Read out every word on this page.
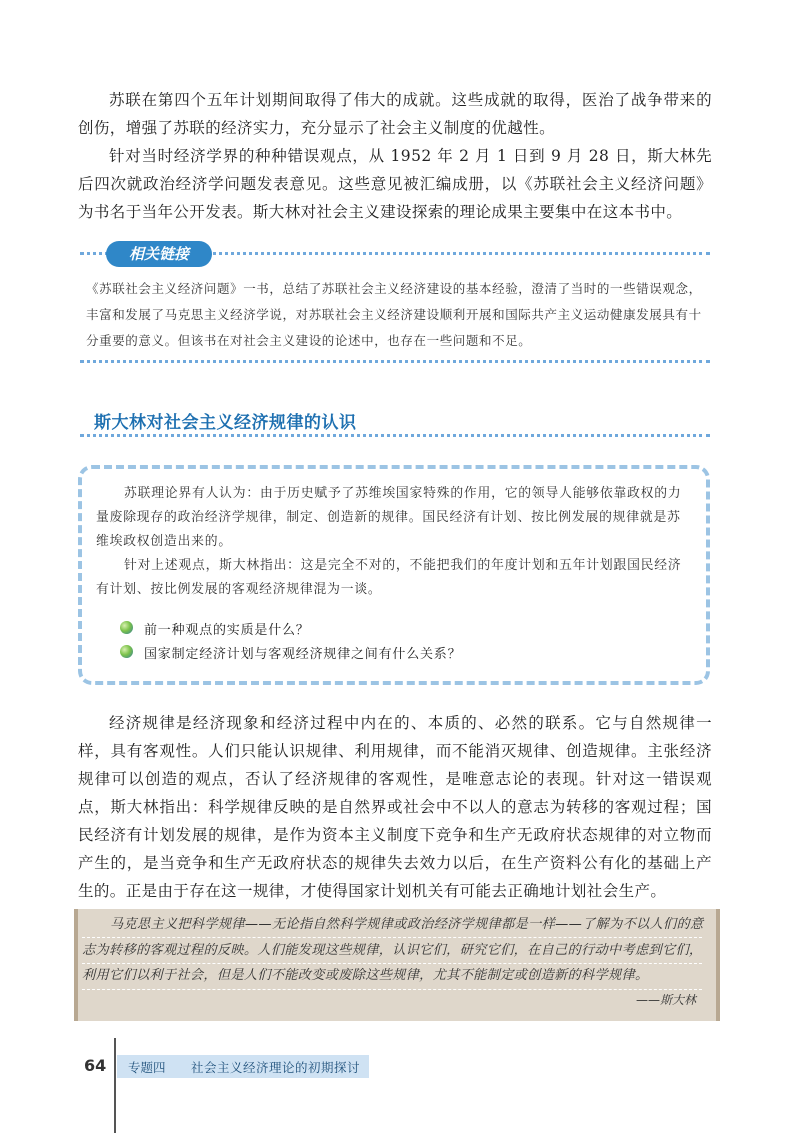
苏联在第四个五年计划期间取得了伟大的成就。这些成就的取得，医治了战争带来的创伤，增强了苏联的经济实力，充分显示了社会主义制度的优越性。

针对当时经济学界的种种错误观点，从 1952 年 2 月 1 日到 9 月 28 日，斯大林先后四次就政治经济学问题发表意见。这些意见被汇编成册，以《苏联社会主义经济问题》为书名于当年公开发表。斯大林对社会主义建设探索的理论成果主要集中在这本书中。

相关链接

《苏联社会主义经济问题》一书，总结了苏联社会主义经济建设的基本经验，澄清了当时的一些错误观念，丰富和发展了马克思主义经济学说，对苏联社会主义经济建设顺利开展和国际共产主义运动健康发展具有十分重要的意义。但该书在对社会主义建设的论述中，也存在一些问题和不足。

斯大林对社会主义经济规律的认识

苏联理论界有人认为：由于历史赋予了苏维埃国家特殊的作用，它的领导人能够依靠政权的力量废除现存的政治经济学规律，制定、创造新的规律。国民经济有计划、按比例发展的规律就是苏维埃政权创造出来的。

针对上述观点，斯大林指出：这是完全不对的，不能把我们的年度计划和五年计划跟国民经济有计划、按比例发展的客观经济规律混为一谈。

前一种观点的实质是什么？
国家制定经济计划与客观经济规律之间有什么关系？

经济规律是经济现象和经济过程中内在的、本质的、必然的联系。它与自然规律一样，具有客观性。人们只能认识规律、利用规律，而不能消灭规律、创造规律。主张经济规律可以创造的观点，否认了经济规律的客观性，是唯意志论的表现。针对这一错误观点，斯大林指出：科学规律反映的是自然界或社会中不以人的意志为转移的客观过程；国民经济有计划发展的规律，是作为资本主义制度下竞争和生产无政府状态规律的对立物而产生的，是当竞争和生产无政府状态的规律失去效力以后，在生产资料公有化的基础上产生的。正是由于存在这一规律，才使得国家计划机关有可能去正确地计划社会生产。

马克思主义把科学规律——无论指自然科学规律或政治经济学规律都是一样——了解为不以人们的意志为转移的客观过程的反映。人们能发现这些规律，认识它们，研究它们，在自己的行动中考虑到它们，利用它们以利于社会，但是人们不能改变或废除这些规律，尤其不能制定或创造新的科学规律。

——斯大林

64 专题四 社会主义经济理论的初期探讨
